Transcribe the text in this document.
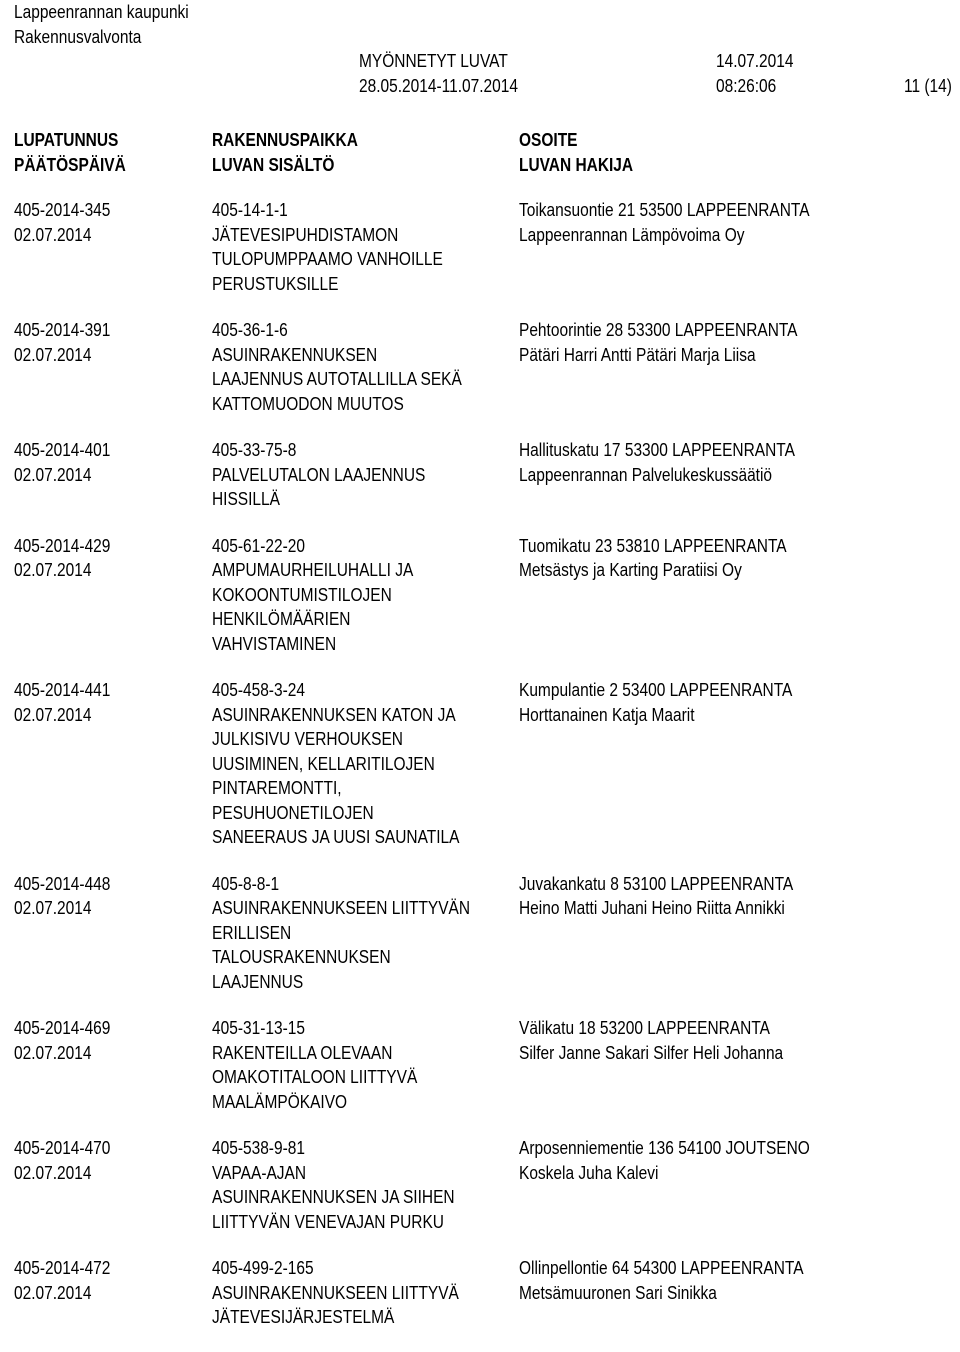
Lappeenrannan kaupunki
Rakennusvalvonta
MYÖNNETYT LUVAT
28.05.2014-11.07.2014
14.07.2014
08:26:06	11 (14)
LUPATUNNUS
PÄÄTÖSPÄIVÄ
RAKENNUSPAIKKA
LUVAN SISÄLTÖ
OSOITE
LUVAN HAKIJA
405-2014-345
02.07.2014
405-14-1-1
JÄTEVESIPUHDISTAMON
TULOPUMPPAAMO VANHOILLE
PERUSTUKSILLE
Toikansuontie 21 53500 LAPPEENRANTA
Lappeenrannan Lämpövoima Oy
405-2014-391
02.07.2014
405-36-1-6
ASUINRAKENNUKSEN
LAAJENNUS AUTOTALLILLA SEKÄ
KATTOMUODON MUUTOS
Pehtoorintie 28 53300 LAPPEENRANTA
Pätäri Harri Antti Pätäri Marja Liisa
405-2014-401
02.07.2014
405-33-75-8
PALVELUTALON LAAJENNUS
HISSILLÄ
Hallituskatu 17 53300 LAPPEENRANTA
Lappeenrannan Palvelukeskussäätiö
405-2014-429
02.07.2014
405-61-22-20
AMPUMAURHEILUHALLI JA
KOKOONTUMISTILOJEN
HENKILÖMÄÄRIEN
VAHVISTAMINEN
Tuomikatu 23 53810 LAPPEENRANTA
Metsästys ja Karting Paratiisi Oy
405-2014-441
02.07.2014
405-458-3-24
ASUINRAKENNUKSEN KATON JA
JULKISIVU VERHOUKSEN
UUSIMINEN, KELLARITILOJEN
PINTAREMONTTI,
PESUHUONETILOJEN
SANEERAUS JA UUSI SAUNATILA
Kumpulantie 2 53400 LAPPEENRANTA
Horttanainen Katja Maarit
405-2014-448
02.07.2014
405-8-8-1
ASUINRAKENNUKSEEN LIITTYVÄN
ERILLISEN
TALOUSRAKENNUKSEN
LAAJENNUS
Juvakankatu 8 53100 LAPPEENRANTA
Heino Matti Juhani Heino Riitta Annikki
405-2014-469
02.07.2014
405-31-13-15
RAKENTEILLA OLEVAAN
OMAKOTITALOON LIITTYVÄ
MAALÄMPÖKAIVO
Välikatu 18 53200 LAPPEENRANTA
Silfer Janne Sakari Silfer Heli Johanna
405-2014-470
02.07.2014
405-538-9-81
VAPAA-AJAN
ASUINRAKENNUKSEN JA SIIHEN
LIITTYVÄN VENEVAJAN PURKU
Arposenniementie 136 54100 JOUTSENO
Koskela Juha Kalevi
405-2014-472
02.07.2014
405-499-2-165
ASUINRAKENNUKSEEN LIITTYVÄ
JÄTEVESIJÄRJESTELMÄ
Ollinpellontie 64 54300 LAPPEENRANTA
Metsämuuronen Sari Sinikka
